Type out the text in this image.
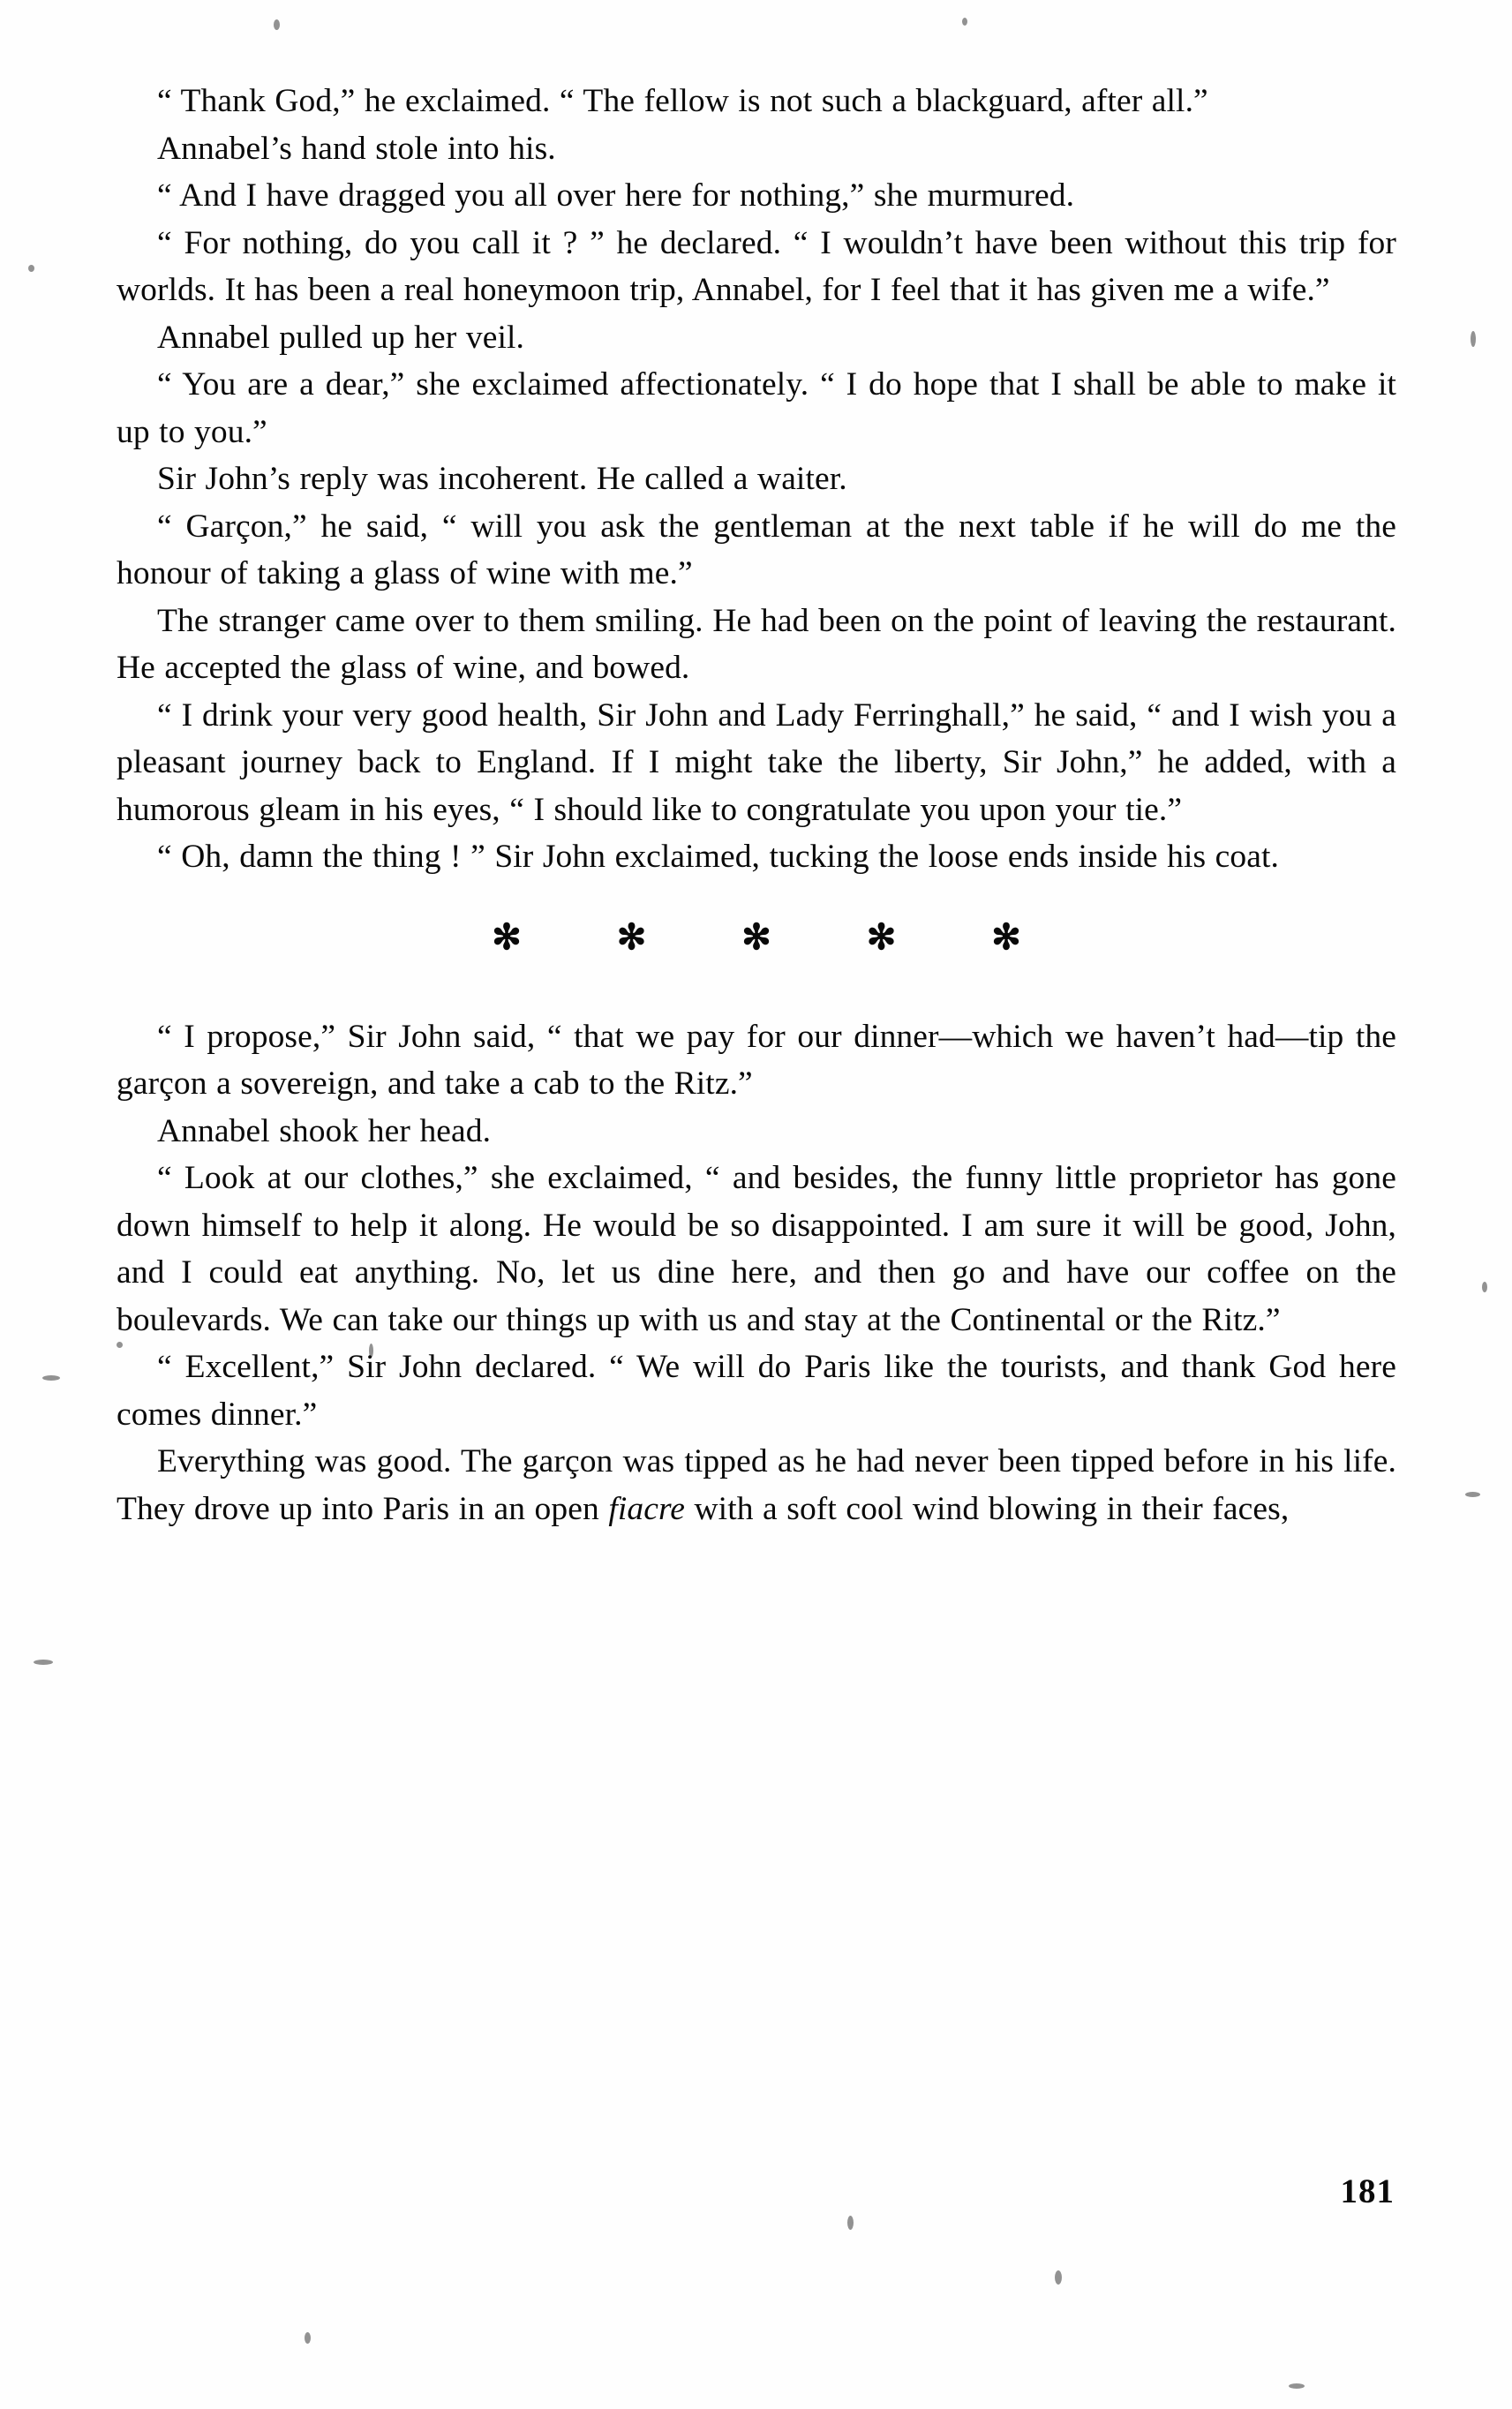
“ Thank God,” he exclaimed. “ The fellow is not such a blackguard, after all.”

Annabel’s hand stole into his.

“ And I have dragged you all over here for nothing,” she murmured.

“ For nothing, do you call it ? ” he declared. “ I wouldn’t have been without this trip for worlds. It has been a real honeymoon trip, Annabel, for I feel that it has given me a wife.”

Annabel pulled up her veil.

“ You are a dear,” she exclaimed affectionately. “ I do hope that I shall be able to make it up to you.”

Sir John’s reply was incoherent. He called a waiter.

“ Garçon,” he said, “ will you ask the gentleman at the next table if he will do me the honour of taking a glass of wine with me.”

The stranger came over to them smiling. He had been on the point of leaving the restaurant. He accepted the glass of wine, and bowed.

“ I drink your very good health, Sir John and Lady Ferringhall,” he said, “ and I wish you a pleasant journey back to England. If I might take the liberty, Sir John,” he added, with a humorous gleam in his eyes, “ I should like to congratulate you upon your tie.”

“ Oh, damn the thing ! ” Sir John exclaimed, tucking the loose ends inside his coat.

✻	✻	✻	✻	✻

“ I propose,” Sir John said, “ that we pay for our dinner—which we haven’t had—tip the garçon a sovereign, and take a cab to the Ritz.”

Annabel shook her head.

“ Look at our clothes,” she exclaimed, “ and besides, the funny little proprietor has gone down himself to help it along. He would be so disappointed. I am sure it will be good, John, and I could eat anything. No, let us dine here, and then go and have our coffee on the boulevards. We can take our things up with us and stay at the Continental or the Ritz.”

“ Excellent,” Sir John declared. “ We will do Paris like the tourists, and thank God here comes dinner.”

Everything was good. The garçon was tipped as he had never been tipped before in his life. They drove up into Paris in an open fiacre with a soft cool wind blowing in their faces,

181
